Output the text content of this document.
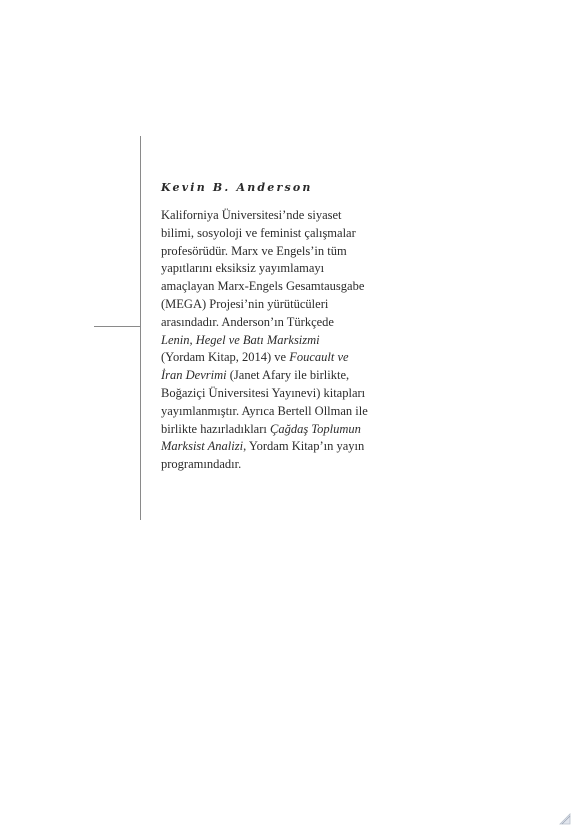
Kevin B. Anderson
Kaliforniya Üniversitesi’nde siyaset
bilimi, sosyoloji ve feminist çalışmalar
profesörüdür. Marx ve Engels’in tüm
yapıtlarını eksiksiz yayımlamayı
amaçlayan Marx-Engels Gesamtausgabe
(MEGA) Projesi’nin yürütücüleri
arasındadır. Anderson’ın Türkçede
Lenin, Hegel ve Batı Marksizmi
(Yordam Kitap, 2014) ve Foucault ve
İran Devrimi (Janet Afary ile birlikte,
Boğaziçi Üniversitesi Yayınevi) kitapları
yayımlanmıştır. Ayrıca Bertell Ollman ile
birlikte hazırladıkları Çağdaş Toplumun
Marksist Analizi, Yordam Kitap’ın yayın
programındadır.
